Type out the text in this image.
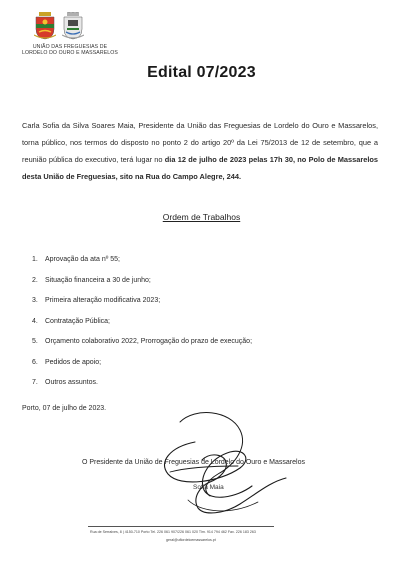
UNIÃO DAS FREGUESIAS DE
LORDELO DO OURO E MASSARELOS
Edital 07/2023
Carla Sofia da Silva Soares Maia, Presidente da União das Freguesias de Lordelo do Ouro e Massarelos, torna público, nos termos do disposto no ponto 2 do artigo 20º da Lei 75/2013 de 12 de setembro, que a reunião pública do executivo, terá lugar no dia 12 de julho de 2023 pelas 17h 30, no Polo de Massarelos desta União de Freguesias, sito na Rua do Campo Alegre, 244.
Ordem de Trabalhos
1.	Aprovação da ata nº 55;
2.	Situação financeira a 30 de junho;
3.	Primeira alteração modificativa 2023;
4.	Contratação Pública;
5.	Orçamento colaborativo 2022, Prorrogação do prazo de execução;
6.	Pedidos de apoio;
7.	Outros assuntos.
Porto, 07 de julho de 2023.
O Presidente da União de Freguesias de Lordelo do Ouro e Massarelos
Sofia Maia
Rua de Serralves, 8 | 4150-710 Porto Tel. 226 061 907/226 061 020 Tlm. 914 794 462 Fax. 226 183 263
geral@uflordeloemassarelos.pt
